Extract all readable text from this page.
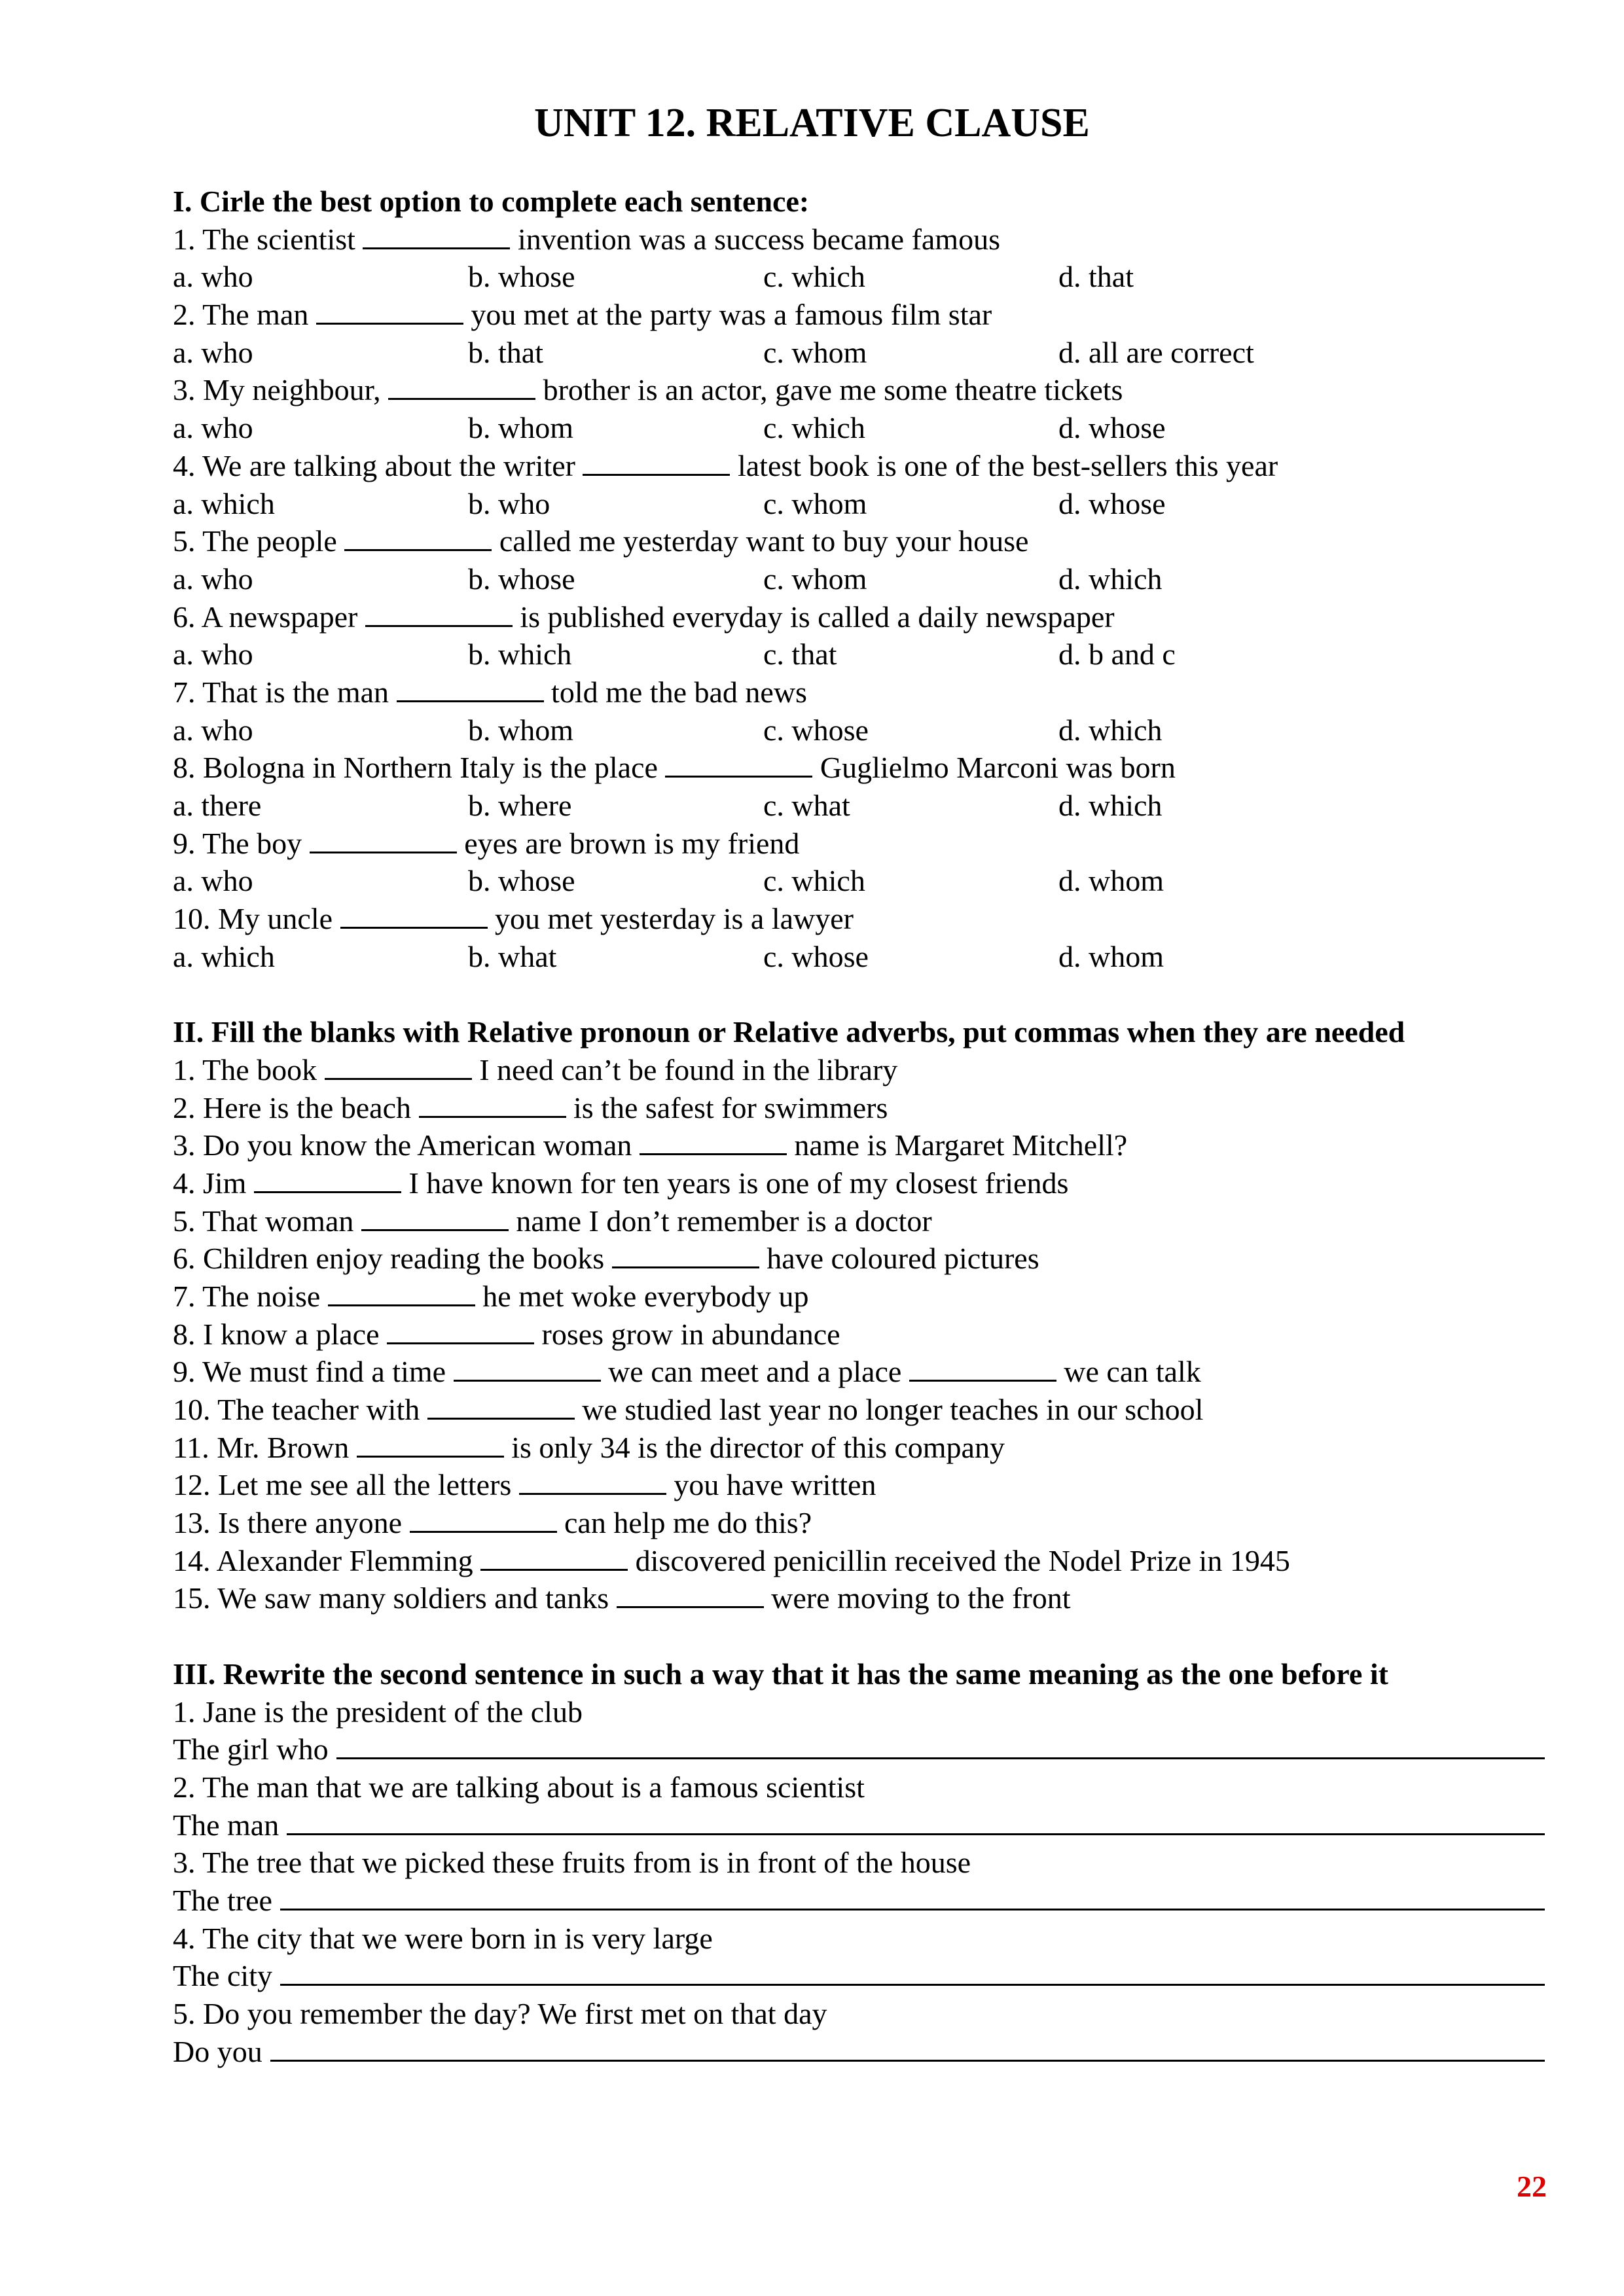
UNIT 12. RELATIVE CLAUSE
I. Cirle the best option to complete each sentence:
1. The scientist	invention was a success became famous
a. who	b. whose	c. which	d. that
2. The man	you met at the party was a famous film star
a. who	b. that	c. whom	d. all are correct
3. My neighbour,	brother is an actor, gave me some theatre tickets
a. who	b. whom	c. which	d. whose
4. We are talking about the writer	latest book is one of the best-sellers this year
a. which	b. who	c. whom	d. whose
5. The people	called me yesterday want to buy your house
a. who	b. whose	c. whom	d. which
6. A newspaper	is published everyday is called a daily newspaper
a. who	b. which	c. that	d. b and c
7. That is the man	told me the bad news
a. who	b. whom	c. whose	d. which
8. Bologna in Northern Italy is the place	Guglielmo Marconi was born
a. there	b. where	c. what	d. which
9. The boy	eyes are brown is my friend
a. who	b. whose	c. which	d. whom
10. My uncle	you met yesterday is a lawyer
a. which	b. what	c. whose	d. whom
II. Fill the blanks with Relative pronoun or Relative adverbs, put commas when they are needed
1. The book	I need can’t be found in the library
2. Here is the beach	is the safest for swimmers
3. Do you know the American woman	name is Margaret Mitchell?
4. Jim	I have known for ten years is one of my closest friends
5. That woman	name I don’t remember is a doctor
6. Children enjoy reading the books	have coloured pictures
7. The noise	he met woke everybody up
8. I know a place	roses grow in abundance
9. We must find a time	we can meet and a place	we can talk
10. The teacher with	we studied last year no longer teaches in our school
11. Mr. Brown	is only 34 is the director of this company
12. Let me see all the letters	you have written
13. Is there anyone	can help me do this?
14. Alexander Flemming	discovered penicillin received the Nodel Prize in 1945
15. We saw many soldiers and tanks	were moving to the front
III. Rewrite the second sentence in such a way that it has the same meaning as the one before it
1. Jane is the president of the club
The girl who
2. The man that we are talking about is a famous scientist
The man
3. The tree that we picked these fruits from is in front of the house
The tree
4. The city that we were born in is very large
The city
5. Do you remember the day? We first met on that day
Do you
22
